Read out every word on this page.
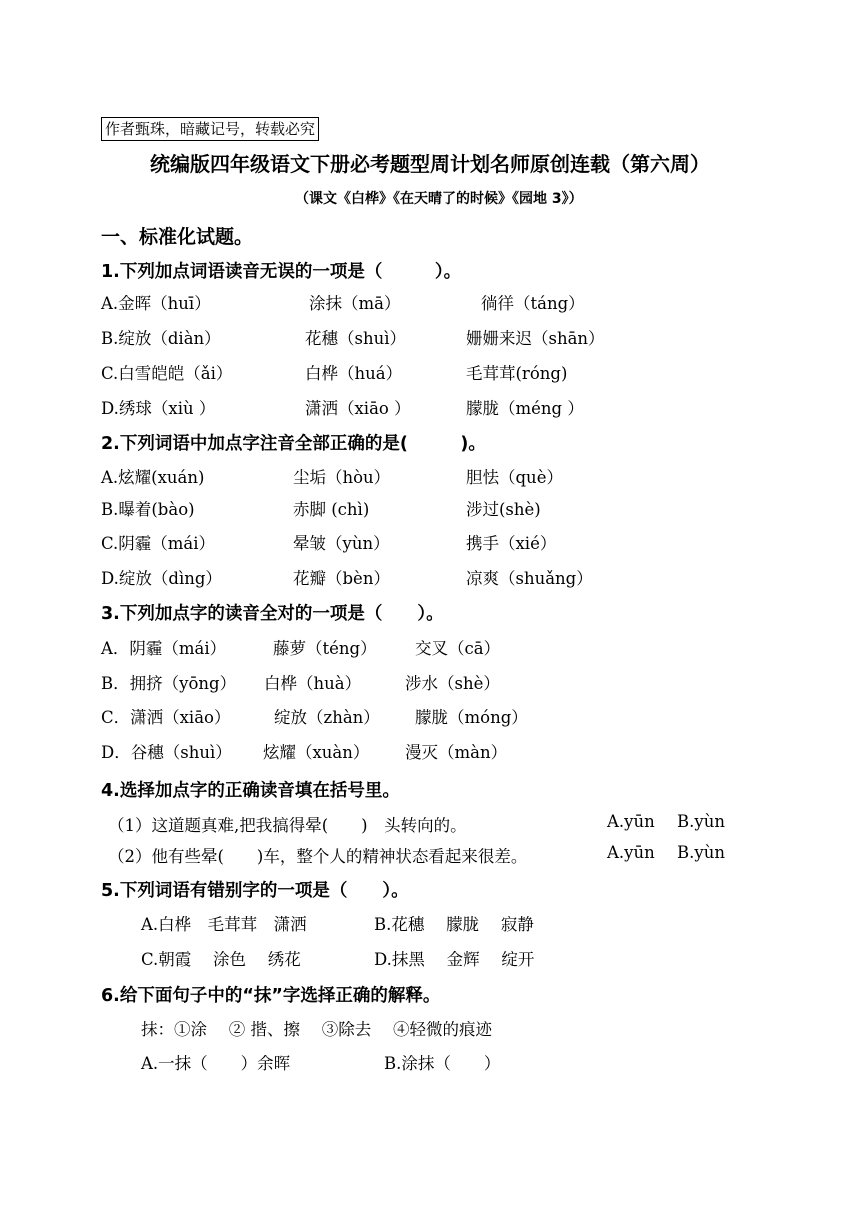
作者甄珠，暗藏记号，转载必究
统编版四年级语文下册必考题型周计划名师原创连载（第六周）
（课文《白桦》《在天晴了的时候》《园地 3》）
一、标准化试题。
1.下列加点词语读音无误的一项是（　　　）。
A.金晖（huī）	涂抹（mā）	徜徉（táng）
B.绽放（diàn）	花穗（shuì）	姗姗来迟（shān）
C.白雪皑皑（ǎi）	白桦（huá）	毛茸茸(róng)
D.绣球（xiù ）	潇洒（xiāo ）	朦胧（méng ）
2.下列词语中加点字注音全部正确的是(　　　)。
A.炫耀(xuán)	尘垢（hòu）	胆怯（què）
B.曝着(bào)	赤脚 (chì)	涉过(shè)
C.阴霾（mái）	晕皱（yùn）	携手（xié）
D.绽放（dìng）	花瓣（bèn）	凉爽（shuǎng）
3.下列加点字的读音全对的一项是（　　）。
A．阴霾（mái）	藤萝（téng） 交叉（cā）
B．拥挤（yōng） 白桦（huà）	涉水（shè）
C．潇洒（xiāo）	绽放（zhàn） 朦胧（móng）
D．谷穗（shuì） 炫耀（xuàn） 漫灭（màn）
4.选择加点字的正确读音填在括号里。
（1）这道题真难,把我搞得晕(　　)　头转向的。	A.yūn B.yùn
（2）他有些晕(　　)车，整个人的精神状态看起来很差。	A.yūn B.yùn
5.下列词语有错别字的一项是（　　）。
A.白桦　毛茸茸　潇洒	B.花穗　 朦胧　 寂静
C.朝霞　 涂色　 绣花	D.抹黑　 金辉　 绽开
6.给下面句子中的“抹”字选择正确的解释。
抹：①涂　 ② 揩、擦　 ③除去　 ④轻微的痕迹
A.一抹（　　）余晖	B.涂抹（　　）
